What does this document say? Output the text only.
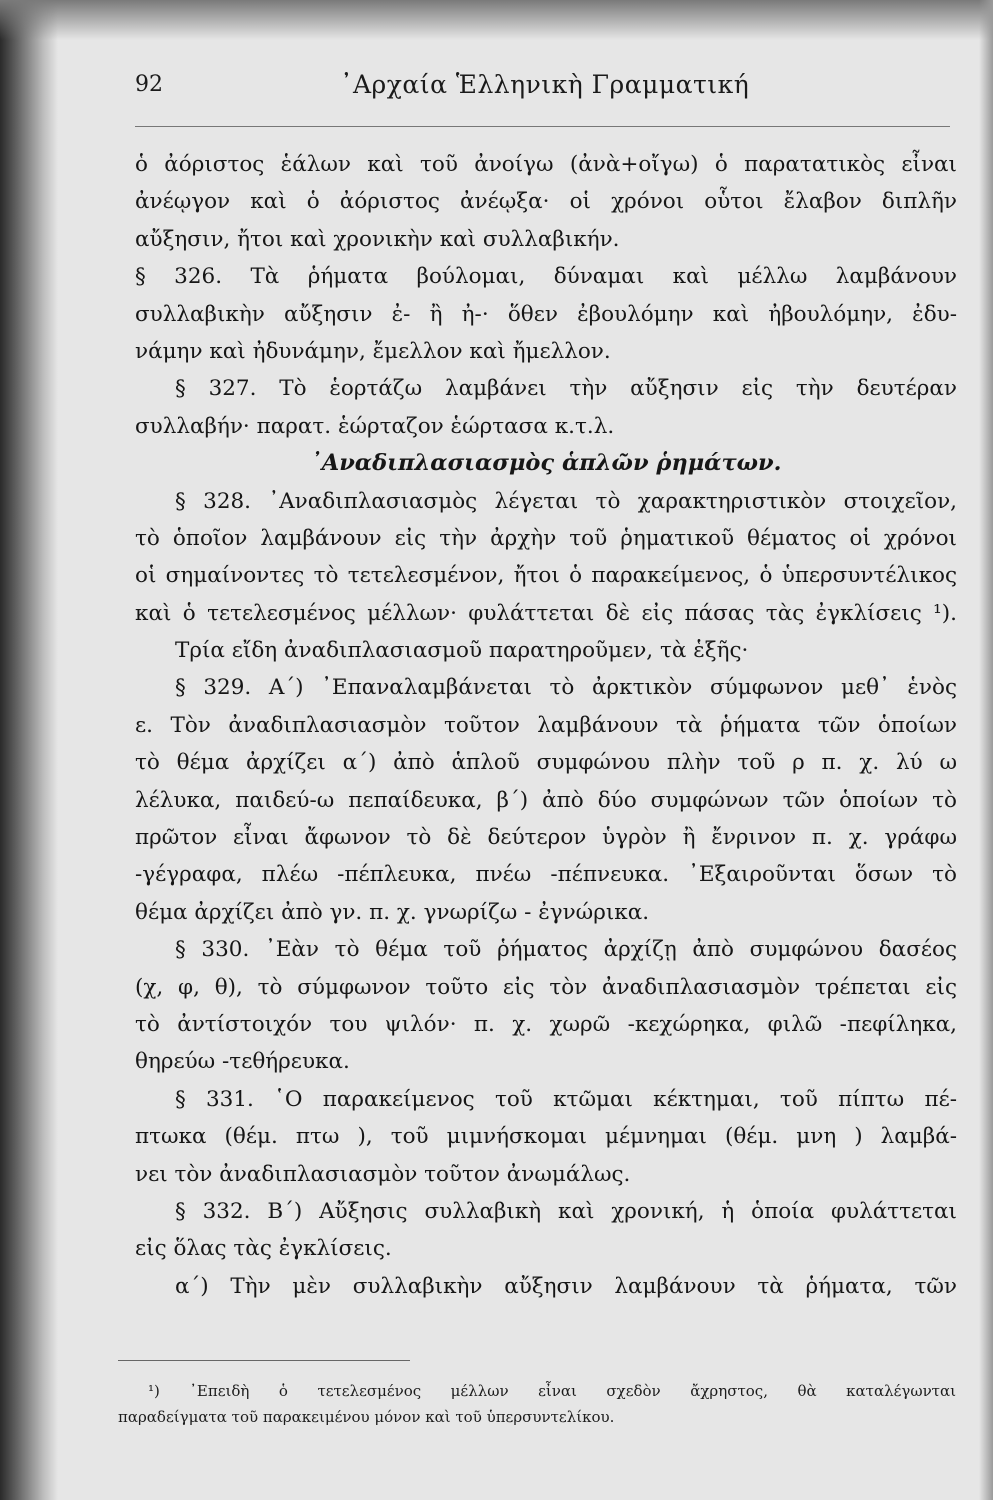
92	᾿Αρχαία Ἑλληνικὴ Γραμματική
ὁ ἀόριστος ἑάλων καὶ τοῦ ἀνοίγω (ἀνὰ+οἴγω) ὁ παρατατικὸς εἶναι
ἀνέῳγον καὶ ὁ ἀόριστος ἀνέῳξα· οἱ χρόνοι οὗτοι ἔλαβον διπλῆν
αὔξησιν, ἤτοι καὶ χρονικὴν καὶ συλλαβικήν.
§ 326. Τὰ ῥήματα βούλομαι, δύναμαι καὶ μέλλω λαμβάνουν
συλλαβικὴν αὔξησιν ἐ- ἢ ἠ-· ὅθεν ἐβουλόμην καὶ ἠβουλόμην, ἐδυ-
νάμην καὶ ἠδυνάμην, ἔμελλον καὶ ἤμελλον.
§ 327. Τὸ ἑορτάζω λαμβάνει τὴν αὔξησιν εἰς τὴν δευτέραν
συλλαβήν· παρατ. ἑώρταζον ἑώρτασα κ.τ.λ.
᾿Αναδιπλασιασμὸς ἁπλῶν ῥημάτων.
§ 328. ᾿Αναδιπλασιασμὸς λέγεται τὸ χαρακτηριστικὸν στοιχεῖον,
τὸ ὁποῖον λαμβάνουν εἰς τὴν ἀρχὴν τοῦ ῥηματικοῦ θέματος οἱ χρόνοι
οἱ σημαίνοντες τὸ τετελεσμένον, ἤτοι ὁ παρακείμενος, ὁ ὑπερσυντέλικος
καὶ ὁ τετελεσμένος μέλλων· φυλάττεται δὲ εἰς πάσας τὰς ἐγκλίσεις ¹).
Τρία εἴδη ἀναδιπλασιασμοῦ παρατηροῦμεν, τὰ ἑξῆς·
§ 329. Α΄) ᾿Επαναλαμβάνεται τὸ ἀρκτικὸν σύμφωνον μεθ᾿ ἑνὸς
ε. Τὸν ἀναδιπλασιασμὸν τοῦτον λαμβάνουν τὰ ῥήματα τῶν ὁποίων
τὸ θέμα ἀρχίζει α΄) ἀπὸ ἁπλοῦ συμφώνου πλὴν τοῦ ρ π. χ. λύ ω
λέλυκα, παιδεύ-ω πεπαίδευκα, β΄) ἀπὸ δύο συμφώνων τῶν ὁποίων τὸ
πρῶτον εἶναι ἄφωνον τὸ δὲ δεύτερον ὑγρὸν ἢ ἔνρινον π. χ. γράφω
-γέγραφα, πλέω -πέπλευκα, πνέω -πέπνευκα. ᾿Εξαιροῦνται ὅσων τὸ
θέμα ἀρχίζει ἀπὸ γν. π. χ. γνωρίζω - ἐγνώρικα.
§ 330. ᾿Εὰν τὸ θέμα τοῦ ῥήματος ἀρχίζῃ ἀπὸ συμφώνου δασέος
(χ, φ, θ), τὸ σύμφωνον τοῦτο εἰς τὸν ἀναδιπλασιασμὸν τρέπεται εἰς
τὸ ἀντίστοιχόν του ψιλόν· π. χ. χωρῶ -κεχώρηκα, φιλῶ -πεφίληκα,
θηρεύω -τεθήρευκα.
§ 331. ῾Ο παρακείμενος τοῦ κτῶμαι κέκτημαι, τοῦ πίπτω πέ-
πτωκα (θέμ. πτω ), τοῦ μιμνήσκομαι μέμνημαι (θέμ. μνη ) λαμβά-
νει τὸν ἀναδιπλασιασμὸν τοῦτον ἀνωμάλως.
§ 332. Β΄) Αὔξησις συλλαβικὴ καὶ χρονική, ἡ ὁποία φυλάττεται
εἰς ὅλας τὰς ἐγκλίσεις.
α΄) Τὴν μὲν συλλαβικὴν αὔξησιν λαμβάνουν τὰ ῥήματα, τῶν
¹) ᾿Επειδὴ ὁ τετελεσμένος μέλλων εἶναι σχεδὸν ἄχρηστος, θὰ καταλέγωνται
παραδείγματα τοῦ παρακειμένου μόνον καὶ τοῦ ὑπερσυντελίκου.
